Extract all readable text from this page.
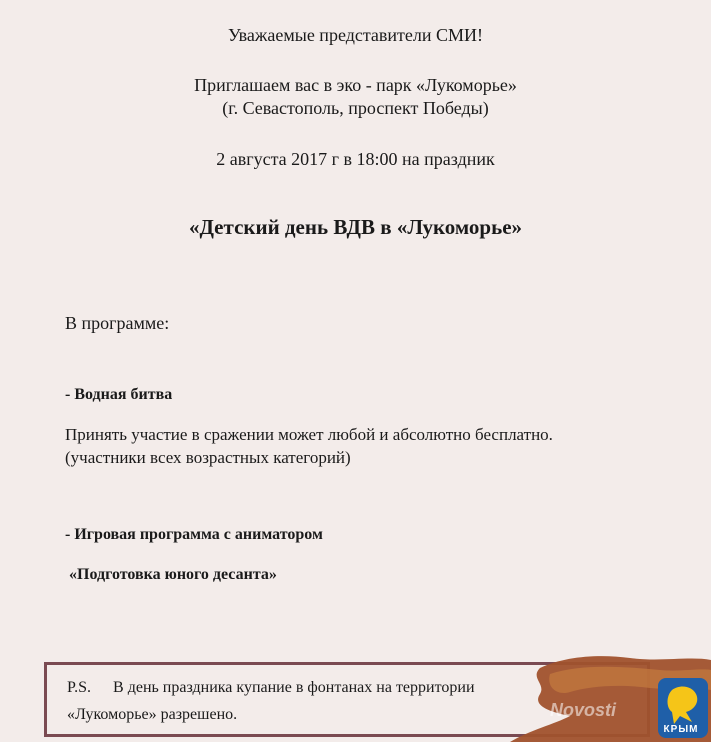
Уважаемые представители СМИ!
Приглашаем вас в эко - парк «Лукоморье»
(г. Севастополь, проспект Победы)
2 августа 2017 г в 18:00 на праздник
«Детский день ВДВ в «Лукоморье»
В программе:
- Водная битва
Принять участие в сражении может любой и абсолютно бесплатно.
(участники всех возрастных категорий)
- Игровая программа с аниматором
«Подготовка юного десанта»
P.S. В день праздника купание в фонтанах на территории
«Лукоморье» разрешено.	Novosti
КРЫМ
